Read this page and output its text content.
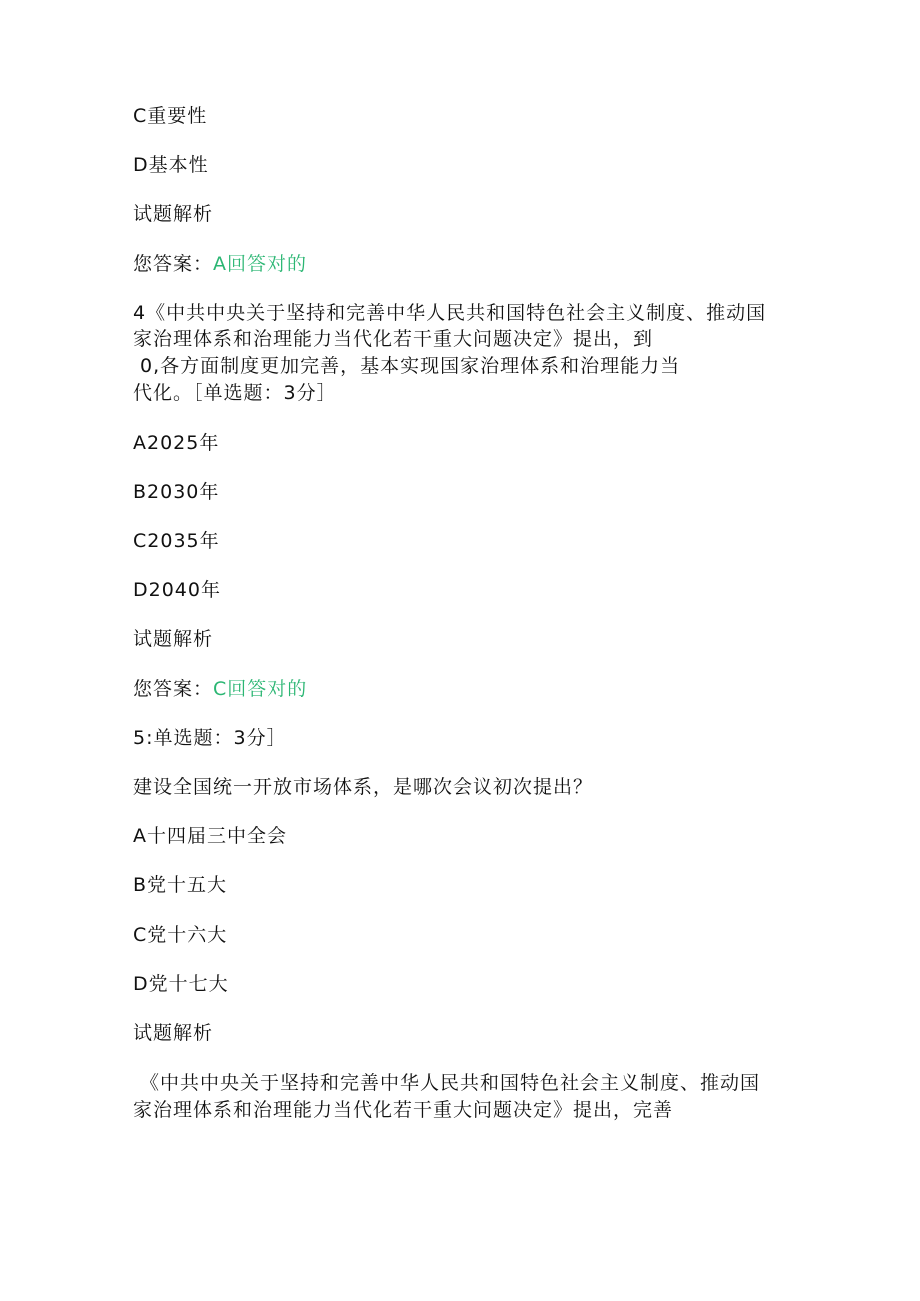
C重要性
D基本性
试题解析
您答案：A回答对的
4《中共中央关于坚持和完善中华人民共和国特色社会主义制度、推动国
家治理体系和治理能力当代化若干重大问题决定》提出，到
0,各方面制度更加完善，基本实现国家治理体系和治理能力当
代化。［单选题：3分］
A2025年
B2030年
C2035年
D2040年
试题解析
您答案：C回答对的
5:单选题：3分］
建设全国统一开放市场体系，是哪次会议初次提出？
A十四届三中全会
B党十五大
C党十六大
D党十七大
试题解析
《中共中央关于坚持和完善中华人民共和国特色社会主义制度、推动国
家治理体系和治理能力当代化若干重大问题决定》提出，完善
